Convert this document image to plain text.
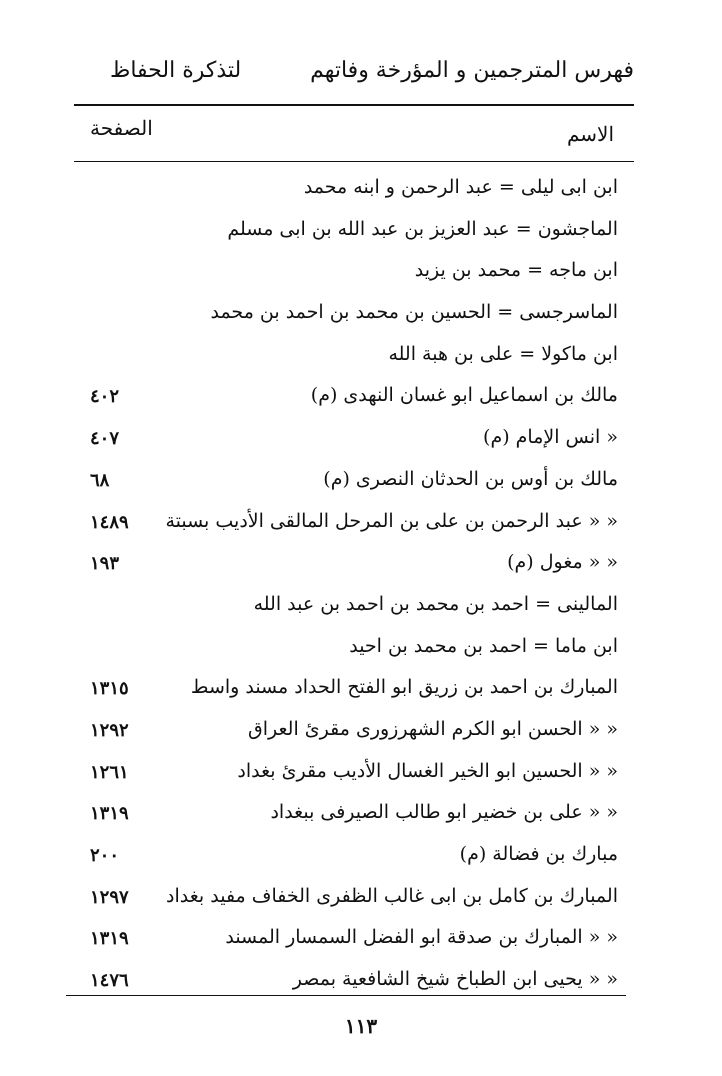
لتذكرة الحفاظ	فهرس المترجمين و المؤرخة وفاتهم
الصفحة	الاسم
ابن ابى ليلى = عبد الرحمن و ابنه محمد
الماجشون = عبد العزيز بن عبد الله بن ابى مسلم
ابن ماجه = محمد بن يزيد
الماسرجسى = الحسين بن محمد بن احمد بن محمد
ابن ماكولا = على بن هبة الله
مالك بن اسماعيل ابو غسان النهدى (م)
٤٠٢
« انس الإمام (م)
٤٠٧
مالك بن أوس بن الحدثان النصرى (م)
٦٨
« « عبد الرحمن بن على بن المرحل المالقى الأديب بسبتة
١٤٨٩
« « مغول (م)
١٩٣
المالينى = احمد بن محمد بن احمد بن عبد الله
ابن ماما = احمد بن محمد بن احيد
المبارك بن احمد بن زريق ابو الفتح الحداد مسند واسط
١٣١٥
« « الحسن ابو الكرم الشهرزورى مقرئ العراق
١٢٩٢
« « الحسين ابو الخير الغسال الأديب مقرئ بغداد
١٢٦١
« « على بن خضير ابو طالب الصيرفى ببغداد
١٣١٩
مبارك بن فضالة (م)
٢٠٠
المبارك بن كامل بن ابى غالب الظفرى الخفاف مفيد بغداد
١٢٩٧
« « المبارك بن صدقة ابو الفضل السمسار المسند
١٣١٩
« « يحيى ابن الطباخ شيخ الشافعية بمصر
١٤٧٦
١١٣
